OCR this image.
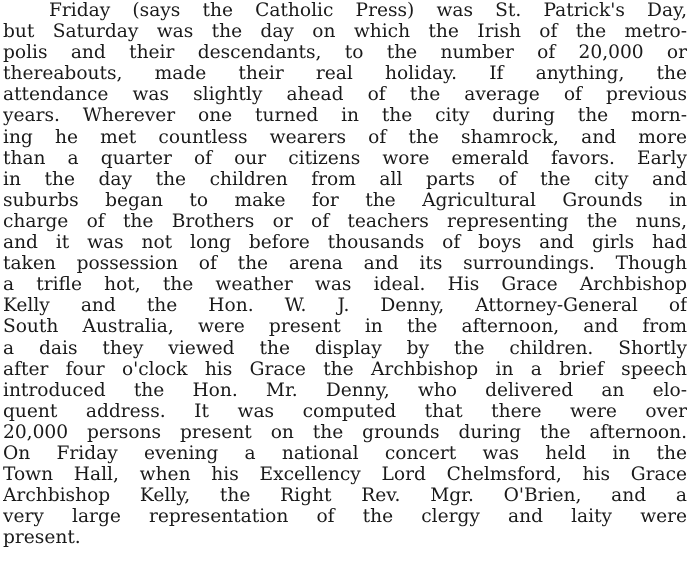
Friday (says the Catholic Press) was St. Patrick's Day,
but Saturday was the day on which the Irish of the metro-
polis and their descendants, to the number of 20,000 or
thereabouts, made their real holiday. If anything, the
attendance was slightly ahead of the average of previous
years. Wherever one turned in the city during the morn-
ing he met countless wearers of the shamrock, and more
than a quarter of our citizens wore emerald favors. Early
in the day the children from all parts of the city and
suburbs began to make for the Agricultural Grounds in
charge of the Brothers or of teachers representing the nuns,
and it was not long before thousands of boys and girls had
taken possession of the arena and its surroundings. Though
a trifle hot, the weather was ideal. His Grace Archbishop
Kelly and the Hon. W. J. Denny, Attorney-General of
South Australia, were present in the afternoon, and from
a dais they viewed the display by the children. Shortly
after four o'clock his Grace the Archbishop in a brief speech
introduced the Hon. Mr. Denny, who delivered an elo-
quent address. It was computed that there were over
20,000 persons present on the grounds during the afternoon.
On Friday evening a national concert was held in the
Town Hall, when his Excellency Lord Chelmsford, his Grace
Archbishop Kelly, the Right Rev. Mgr. O'Brien, and a
very large representation of the clergy and laity were
present.
